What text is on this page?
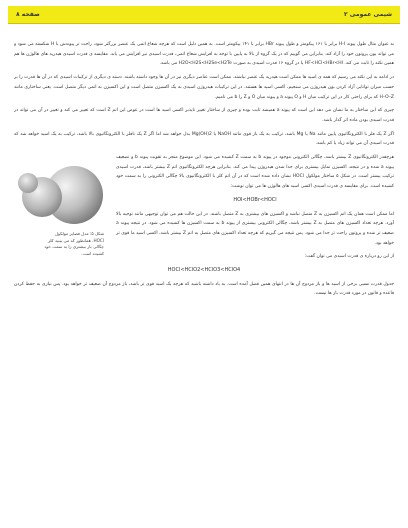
شیمی عمومی ۲
صفحه ۸

به عنوان مثال طول پیوند H-I برابر با ۱۶۱ پیکومتر و طول پیوند HBr برابر با ۱۴۱ پیکومتر است. به همین دلیل است که هرچه شعاع اتمی یک عنصر بزرگتر شود، راحت تر پیوندش با H شکسته می شود و می تواند یون پروتون خود را آزاد کند. بنابراین می گوییم که در یک گروه از بالا به پایین با توجه به افزایش شعاع اتمی، قدرت اسیدی نیز افزایش می یابد. مقایسه ی قدرت اسیدی هیدرید های هالوژن ها هم همین نکته را ثابت می کند. HF<HCl<HBr<HI یا در گروه ۱۶ قدرت اسیدی به صورت H2O<H2S<H2Se<H2Te می باشد.

در ادامه به این نکته می رسیم که همه ی اسید ها ممکن است هیدرید یک عنصر نباشند. ممکن است عناصر دیگری نیز در آن ها وجود داشته باشند. دسته ی دیگری از ترکیبات اسیدی که در آن ها قدرت را بر حسب میزان توانایی آزاد کردن یون هیدروژن می سنجیم، اکسی اسید ها هستند. در این ترکیبات هیدروژن اسیدی به یک اکسیژن متصل است و این اکسیژن به اتمی دیگر متصل است. یعنی ساختاری مانند H–O–Z که برای راحتی کار در این ترکیب میان H و O پیوند a و پیوند میان O و Z را b می نامیم.

چیزی که این ساختار به ما نشان می دهد این است که پیوند a همیشه ثابت بوده و چیزی از ساختار تغییر ناپذیر اکسی اسید ها است در عوض این اتم Z است که تغییر می کند و تغییر در آن می تواند در قدرت اسیدی بودن ماده اثر گذار باشد.

اگر Z یک فلز با الکترونگاتیوی پایین مانند Na یا Mg باشد، ترکیب به یک باز قوی مانند NaOH یا Mg(OH)2 بدل خواهد شد اما اگر Z یک نافلز با الکترونگاتیوی بالا باشد، ترکیب به یک اسید خواهد شد که قدرت اسیدی آن می تواند زیاد یا کم باشد.

شکل ۵: مدل فضاپر مولکول HOCl. همانطور که می بینید کلر چگالی بار بیشتری را به سمت خود کشیده است.

هرچقدر الکترونگاتیوی Z بیشتر باشد، چگالی الکترونی موجود در پیوند b به سمت Z کشیده می شود. این موضوع منجر به تقویت پیوند b و تضعیف پیوند a شده و در نتیجه، اکسیژن تمایل بیشتری برای جدا شدن هیدروژن پیدا می کند. بنابراین هرچه الکترونگاتیوی اتم Z بیشتر باشد، قدرت اسیدی ترکیب بیشتر است. در شکل ۵ ساختار مولکول HOCl نشان داده شده است که در آن اتم کلر با الکترونگاتیوی بالا چگالی الکترونی را به سمت خود کشیده است. برای مقایسه ی قدرت اسیدی اکسی اسید های هالوژن ها می توان نوشت:

HOI<HOBr<HOCl

اما ممکن است همان یک اتم اکسیژن به Z متصل نباشد و اکسیژن های بیشتری به Z متصل باشند. در این حالت هم می توان توجیهی مانند توجیه بالا آورد. هرچه تعداد اکسیژن های متصل به Z بیشتر باشد، چگالی الکترونی بیشتری از پیوند b به سمت اکسیژن ها کشیده می شود. در نتیجه پیوند a ضعیف تر شده و پروتون راحت تر جدا می شود. پس نتیجه می گیریم که هرچه تعداد اکسیژن های متصل به اتم Z بیشتر باشد، اکسی اسید ما قوی تر خواهد بود.

از این رو درباره ی قدرت اسیدی می توان گفت:

HOCl<HClO2<HClO3<HClO4

جدول قدرت نسبی برخی از اسید ها و باز مزدوج آن ها در انتهای همین فصل آمده است. به یاد داشته باشید که هرچه یک اسید قوی تر باشد، باز مزدوج آن ضعیف تر خواهد بود. پس نیازی به حفظ کردن قاعده و قانون در مورد قدرت باز ها نیست.
